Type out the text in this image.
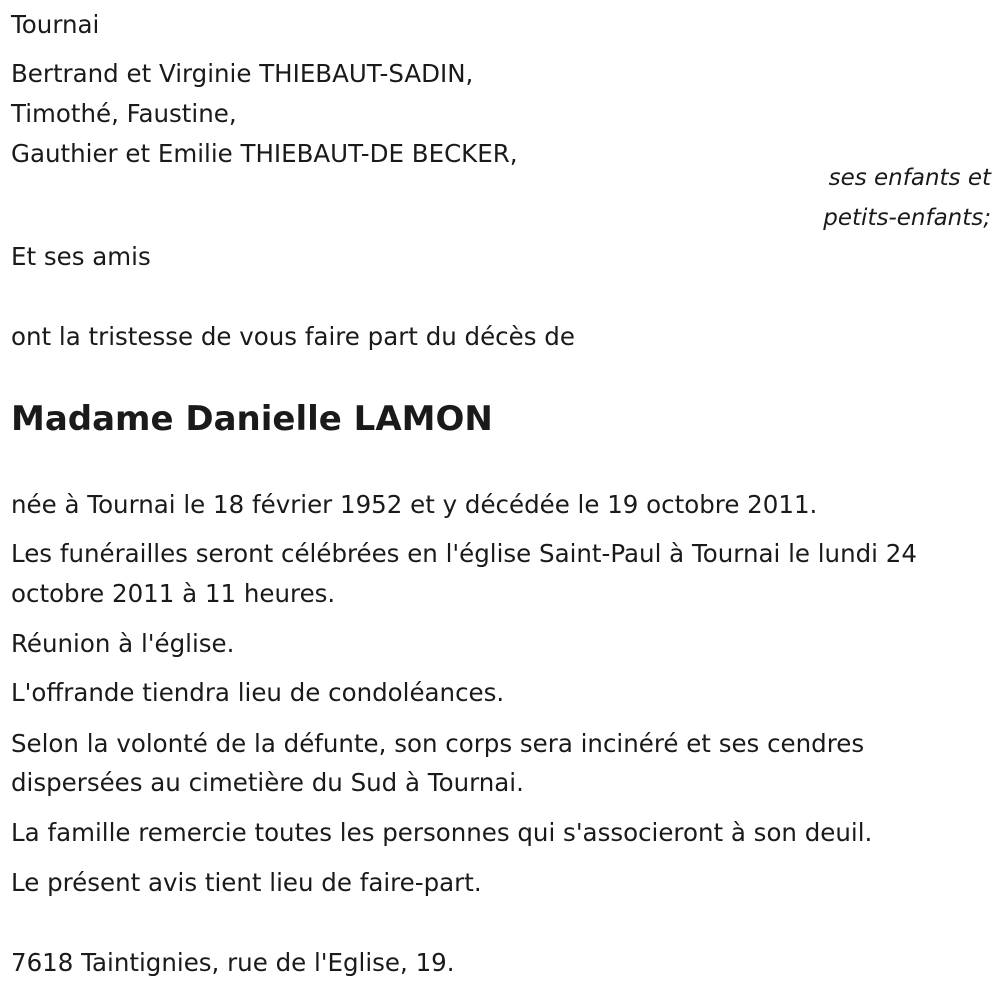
Tournai
Bertrand et Virginie THIEBAUT-SADIN,
Timothé, Faustine,
Gauthier et Emilie THIEBAUT-DE BECKER,
ses enfants et
petits-enfants;
Et ses amis
ont la tristesse de vous faire part du décès de
Madame Danielle LAMON
née à Tournai le 18 février 1952 et y décédée le 19 octobre 2011.
Les funérailles seront célébrées en l'église Saint-Paul à Tournai le lundi 24
octobre 2011 à 11 heures.
Réunion à l'église.
L'offrande tiendra lieu de condoléances.
Selon la volonté de la défunte, son corps sera incinéré et ses cendres
dispersées au cimetière du Sud à Tournai.
La famille remercie toutes les personnes qui s'associeront à son deuil.
Le présent avis tient lieu de faire-part.
7618 Taintignies, rue de l'Eglise, 19.
